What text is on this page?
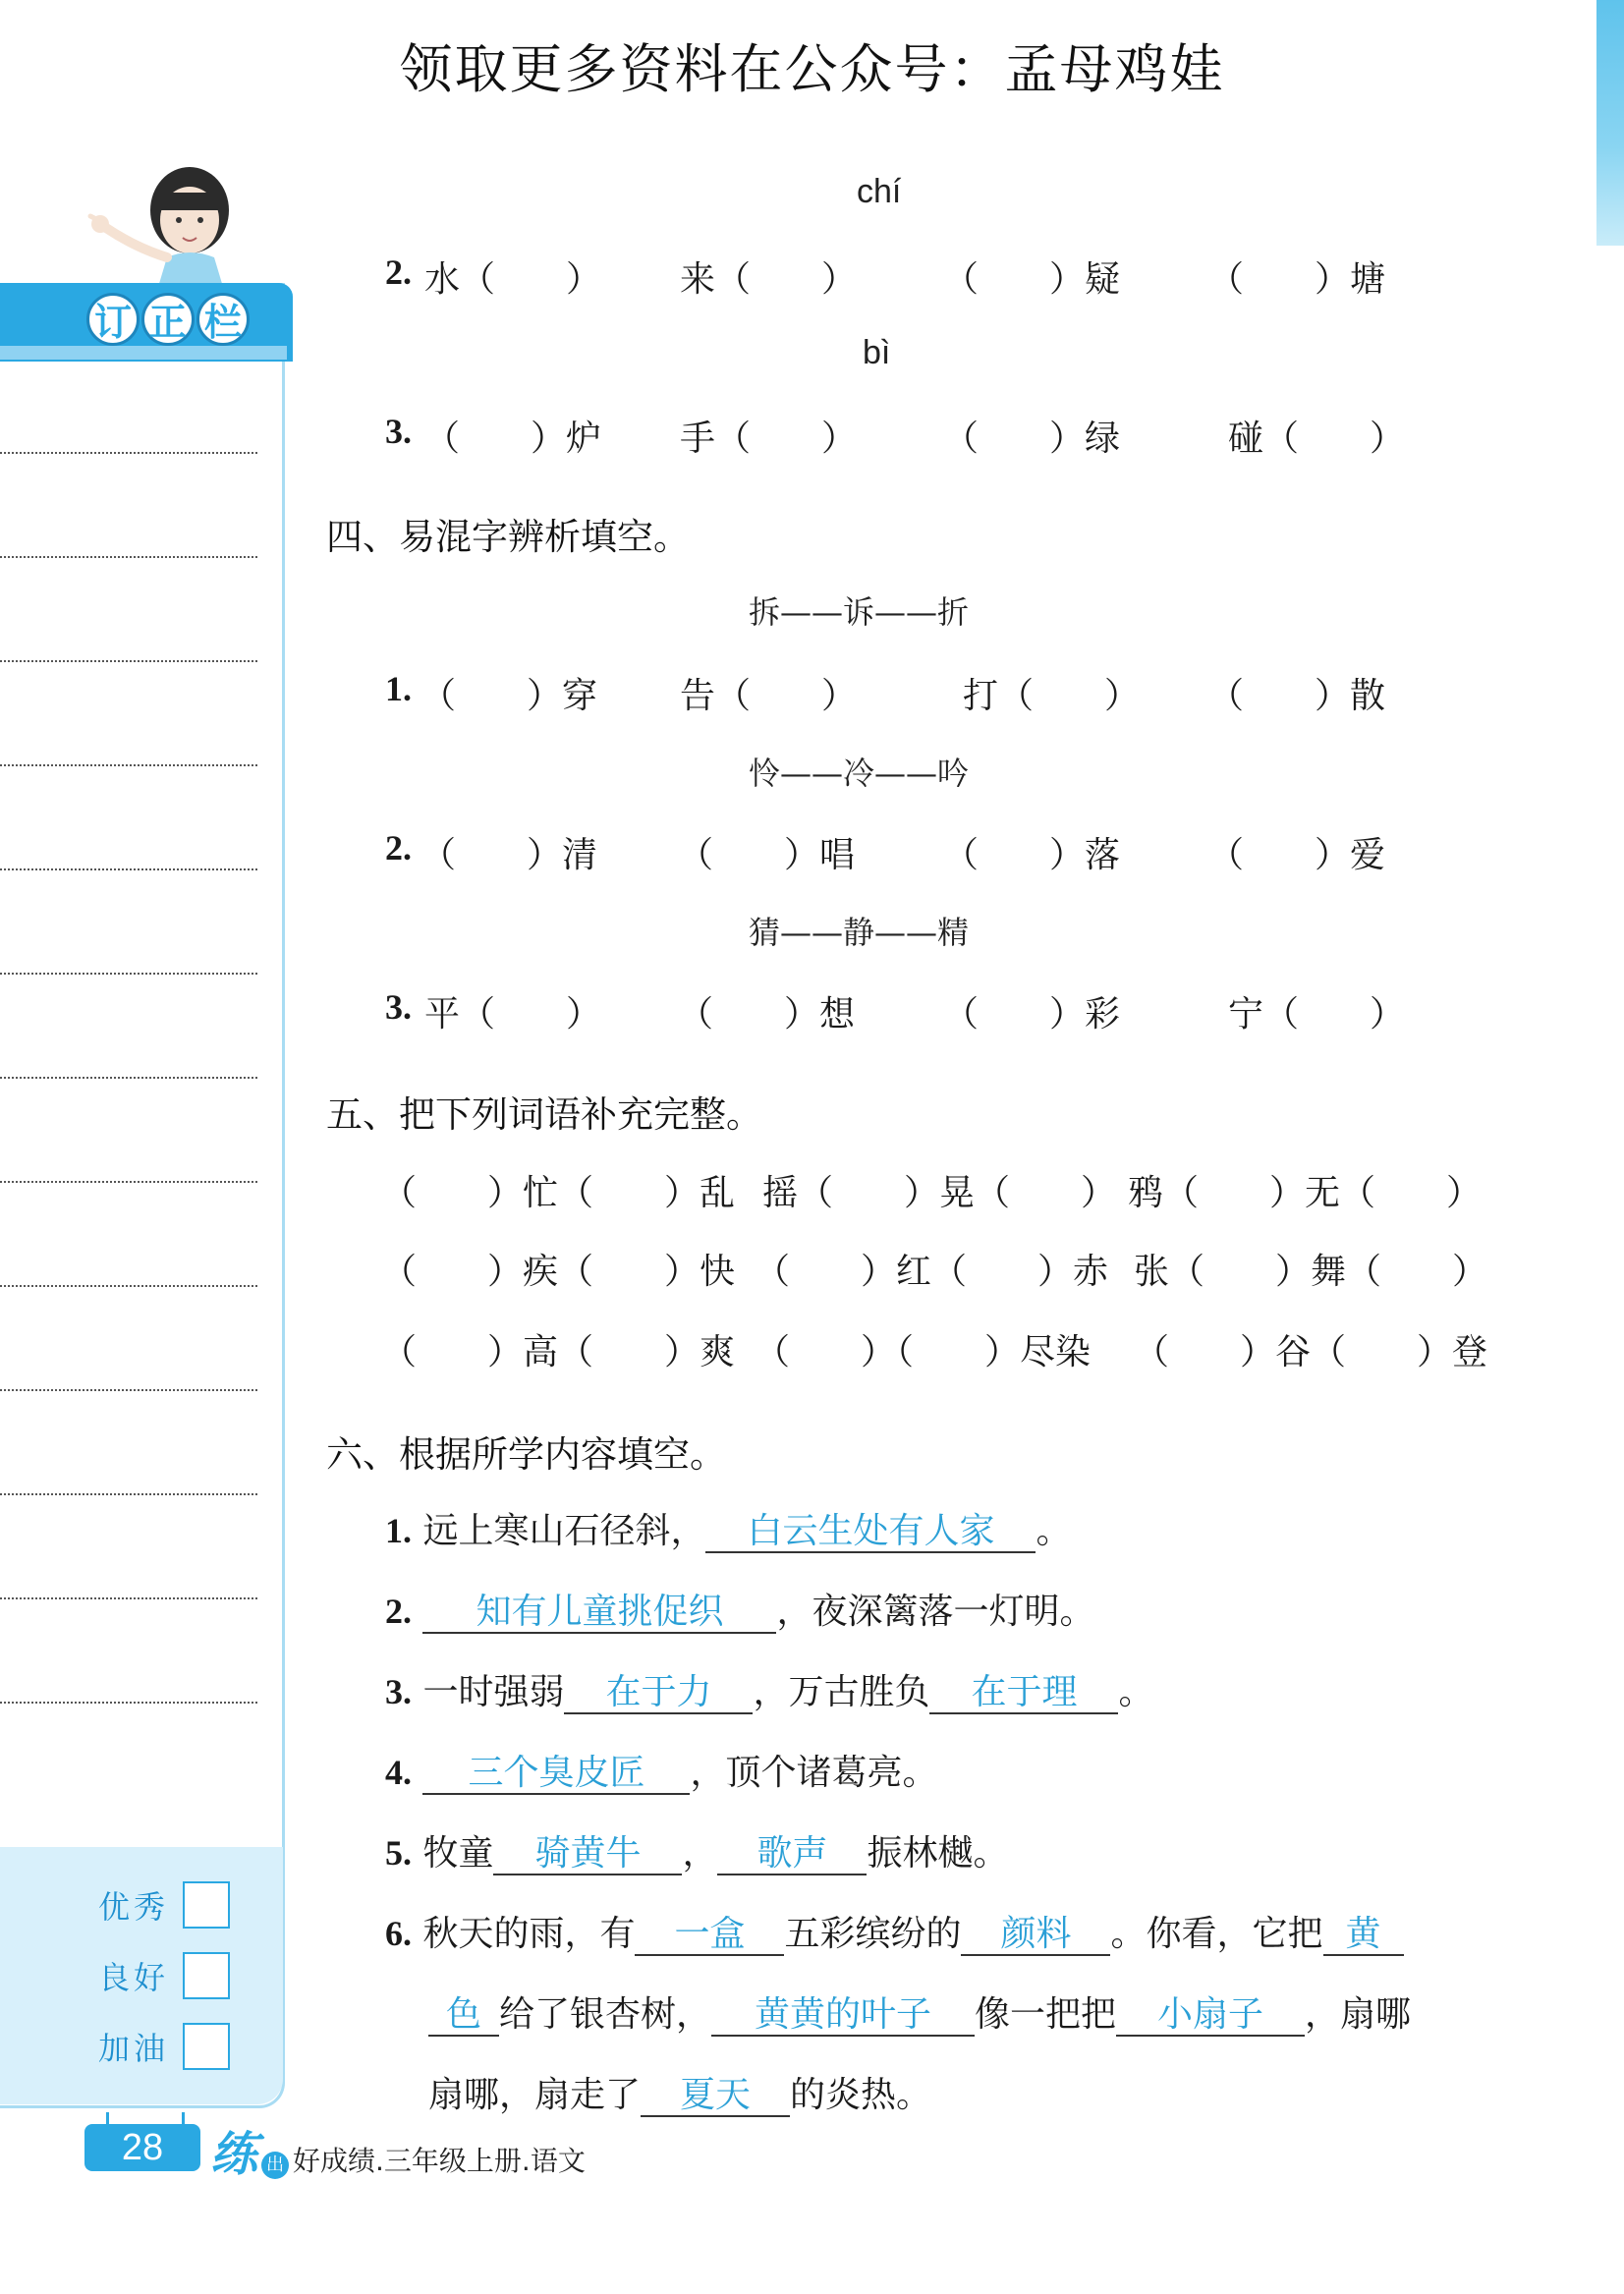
领取更多资料在公众号：孟母鸡娃
订 正 栏
优秀
良好
加油
28 练 出 好成绩.三年级上册.语文
chí
2. 水（　　） 来（　　） （　　）疑 （　　）塘
bì
3. （　　）炉 手（　　） （　　）绿	碰（　　）
四、易混字辨析填空。
拆——诉——折
1. （　　）穿 告（　　）	打（　　） （　　）散
怜——冷——吟
2. （　　）清 （　　）唱 （　　）落 （　　）爱
猜——静——精
3. 平（　　） （　　）想 （　　）彩	宁（　　）
五、把下列词语补充完整。
（　　）忙（　　）乱 摇（　　）晃（　　） 鸦（　　）无（　　）
（　　）疾（　　）快 （　　）红（　　）赤 张（　　）舞（　　）
（　　）高（　　）爽 （　　）（　　）尽染 （　　）谷（　　）登
六、根据所学内容填空。
1. 远上寒山石径斜， 白云生处有人家 。
2. 知有儿童挑促织 ，夜深篱落一灯明。
3. 一时强弱 在于力 ，万古胜负 在于理 。
4. 三个臭皮匠 ，顶个诸葛亮。
5. 牧童 骑黄牛 ， 歌声 振林樾。
6. 秋天的雨，有 一盒 五彩缤纷的 颜料 。你看，它把 黄
色 给了银杏树， 黄黄的叶子 像一把把 小扇子 ，扇哪
扇哪，扇走了 夏天 的炎热。
